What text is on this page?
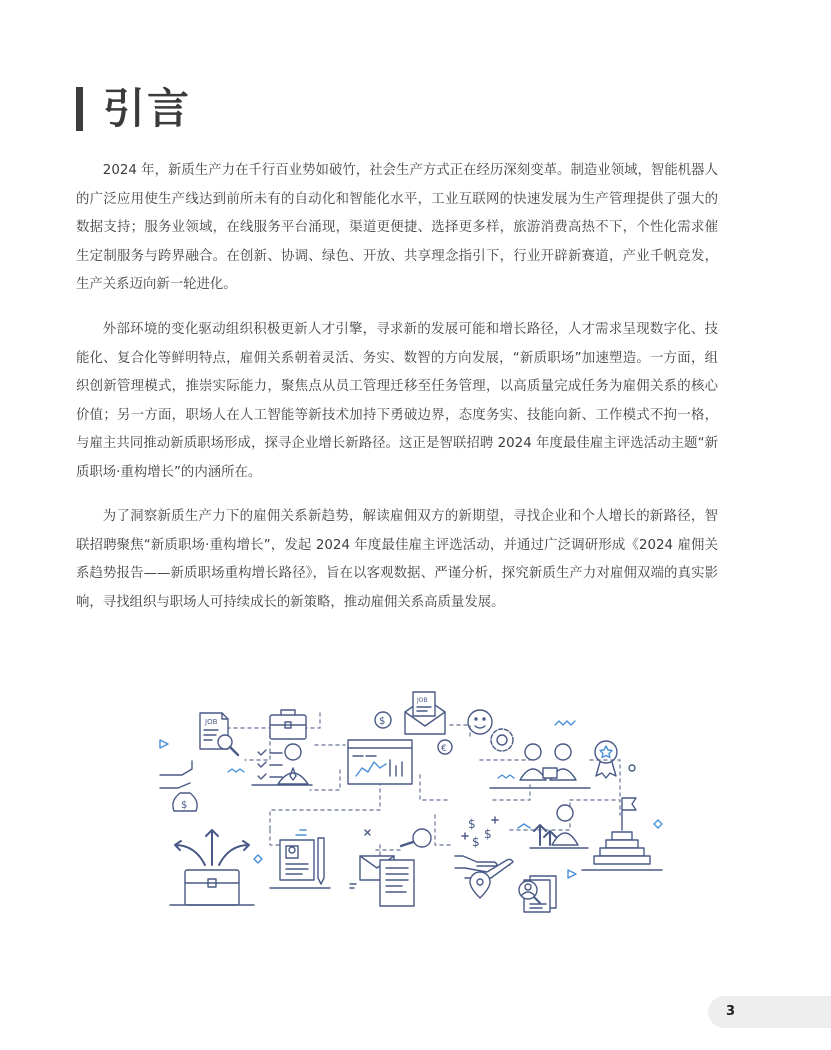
引言

2024 年，新质生产力在千行百业势如破竹，社会生产方式正在经历深刻变革。制造业领域，智能机器人的广泛应用使生产线达到前所未有的自动化和智能化水平，工业互联网的快速发展为生产管理提供了强大的数据支持；服务业领域，在线服务平台涌现，渠道更便捷、选择更多样，旅游消费高热不下，个性化需求催生定制服务与跨界融合。在创新、协调、绿色、开放、共享理念指引下，行业开辟新赛道，产业千帆竞发，生产关系迈向新一轮进化。

外部环境的变化驱动组织积极更新人才引擎，寻求新的发展可能和增长路径，人才需求呈现数字化、技能化、复合化等鲜明特点，雇佣关系朝着灵活、务实、数智的方向发展，“新质职场”加速塑造。一方面，组织创新管理模式，推崇实际能力，聚焦点从员工管理迁移至任务管理，以高质量完成任务为雇佣关系的核心价值；另一方面，职场人在人工智能等新技术加持下勇破边界，态度务实、技能向新、工作模式不拘一格，与雇主共同推动新质职场形成，探寻企业增长新路径。这正是智联招聘 2024 年度最佳雇主评选活动主题“新质职场·重构增长”的内涵所在。

为了洞察新质生产力下的雇佣关系新趋势，解读雇佣双方的新期望，寻找企业和个人增长的新路径，智联招聘聚焦“新质职场·重构增长”，发起 2024 年度最佳雇主评选活动，并通过广泛调研形成《2024 雇佣关系趋势报告——新质职场重构增长路径》，旨在以客观数据、严谨分析，探究新质生产力对雇佣双端的真实影响，寻找组织与职场人可持续成长的新策略，推动雇佣关系高质量发展。

JOB	$
JOB
€
$
$
$
$
3
